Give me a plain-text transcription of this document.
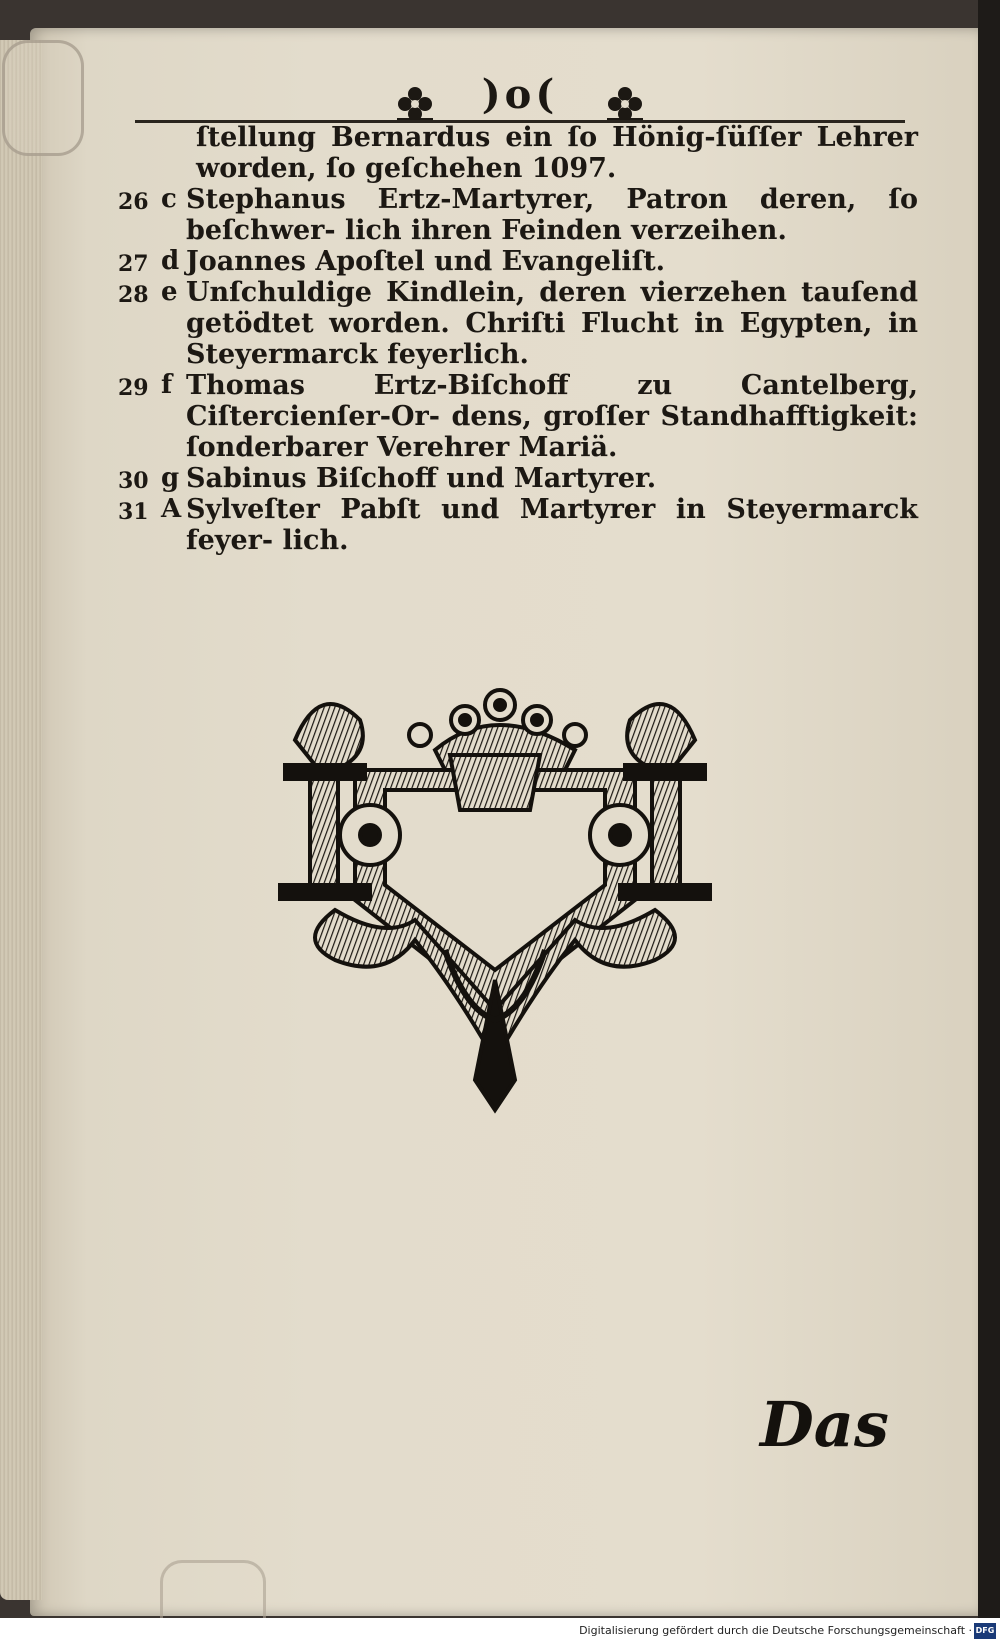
)o(
ſtellung Bernardus ein ſo Hönig‑ſüſſer Lehrer worden, ſo geſchehen 1097.
26 c Stephanus Ertz‑Martyrer, Patron deren, ſo beſchwer‑ lich ihren Feinden verzeihen.
27 d Joannes Apoſtel und Evangeliſt.
28 e Unſchuldige Kindlein, deren vierzehen tauſend getödtet worden. Chriſti Flucht in Egypten, in Steyermarck feyerlich.
29 f Thomas Ertz‑Biſchoff zu Cantelberg, Ciſtercienſer‑Or‑ dens, groſſer Standhafftigkeit: ſonderbarer Verehrer Mariä.
30 g Sabinus Biſchoff und Martyrer.
31 A Sylveſter Pabſt und Martyrer in Steyermarck feyer‑ lich.
Das
Digitalisierung gefördert durch die Deutsche Forschungsgemeinschaft · DFG
